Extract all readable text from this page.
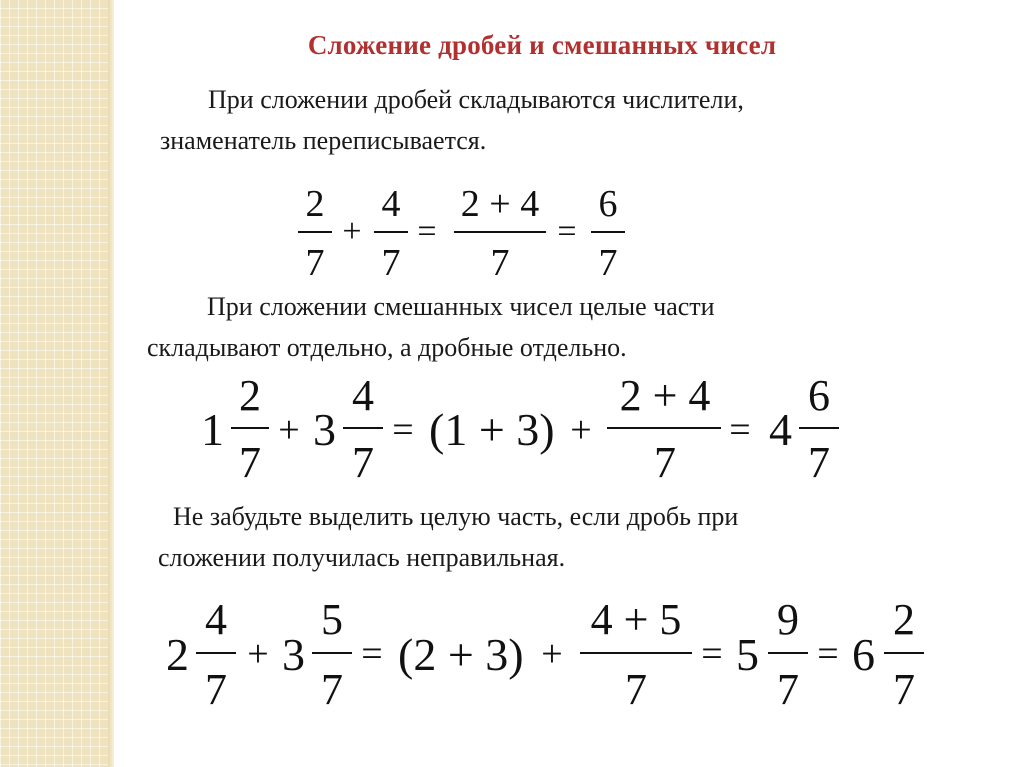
Сложение дробей и смешанных чисел
При сложении дробей складываются числители,
знаменатель переписывается.
2
7
+
4
7
=
2 + 4
7
=
6
7
При сложении смешанных чисел целые части
складывают отдельно, а дробные отдельно.
1
2
7
+ 3
4
7
= (1 + 3) +
2 + 4
7
= 4
6
7
Не забудьте выделить целую часть, если дробь при
сложении получилась неправильная.
2
4
7
+ 3
5
7
= (2 + 3) +
4 + 5
7
= 5
9
7
= 6
2
7
